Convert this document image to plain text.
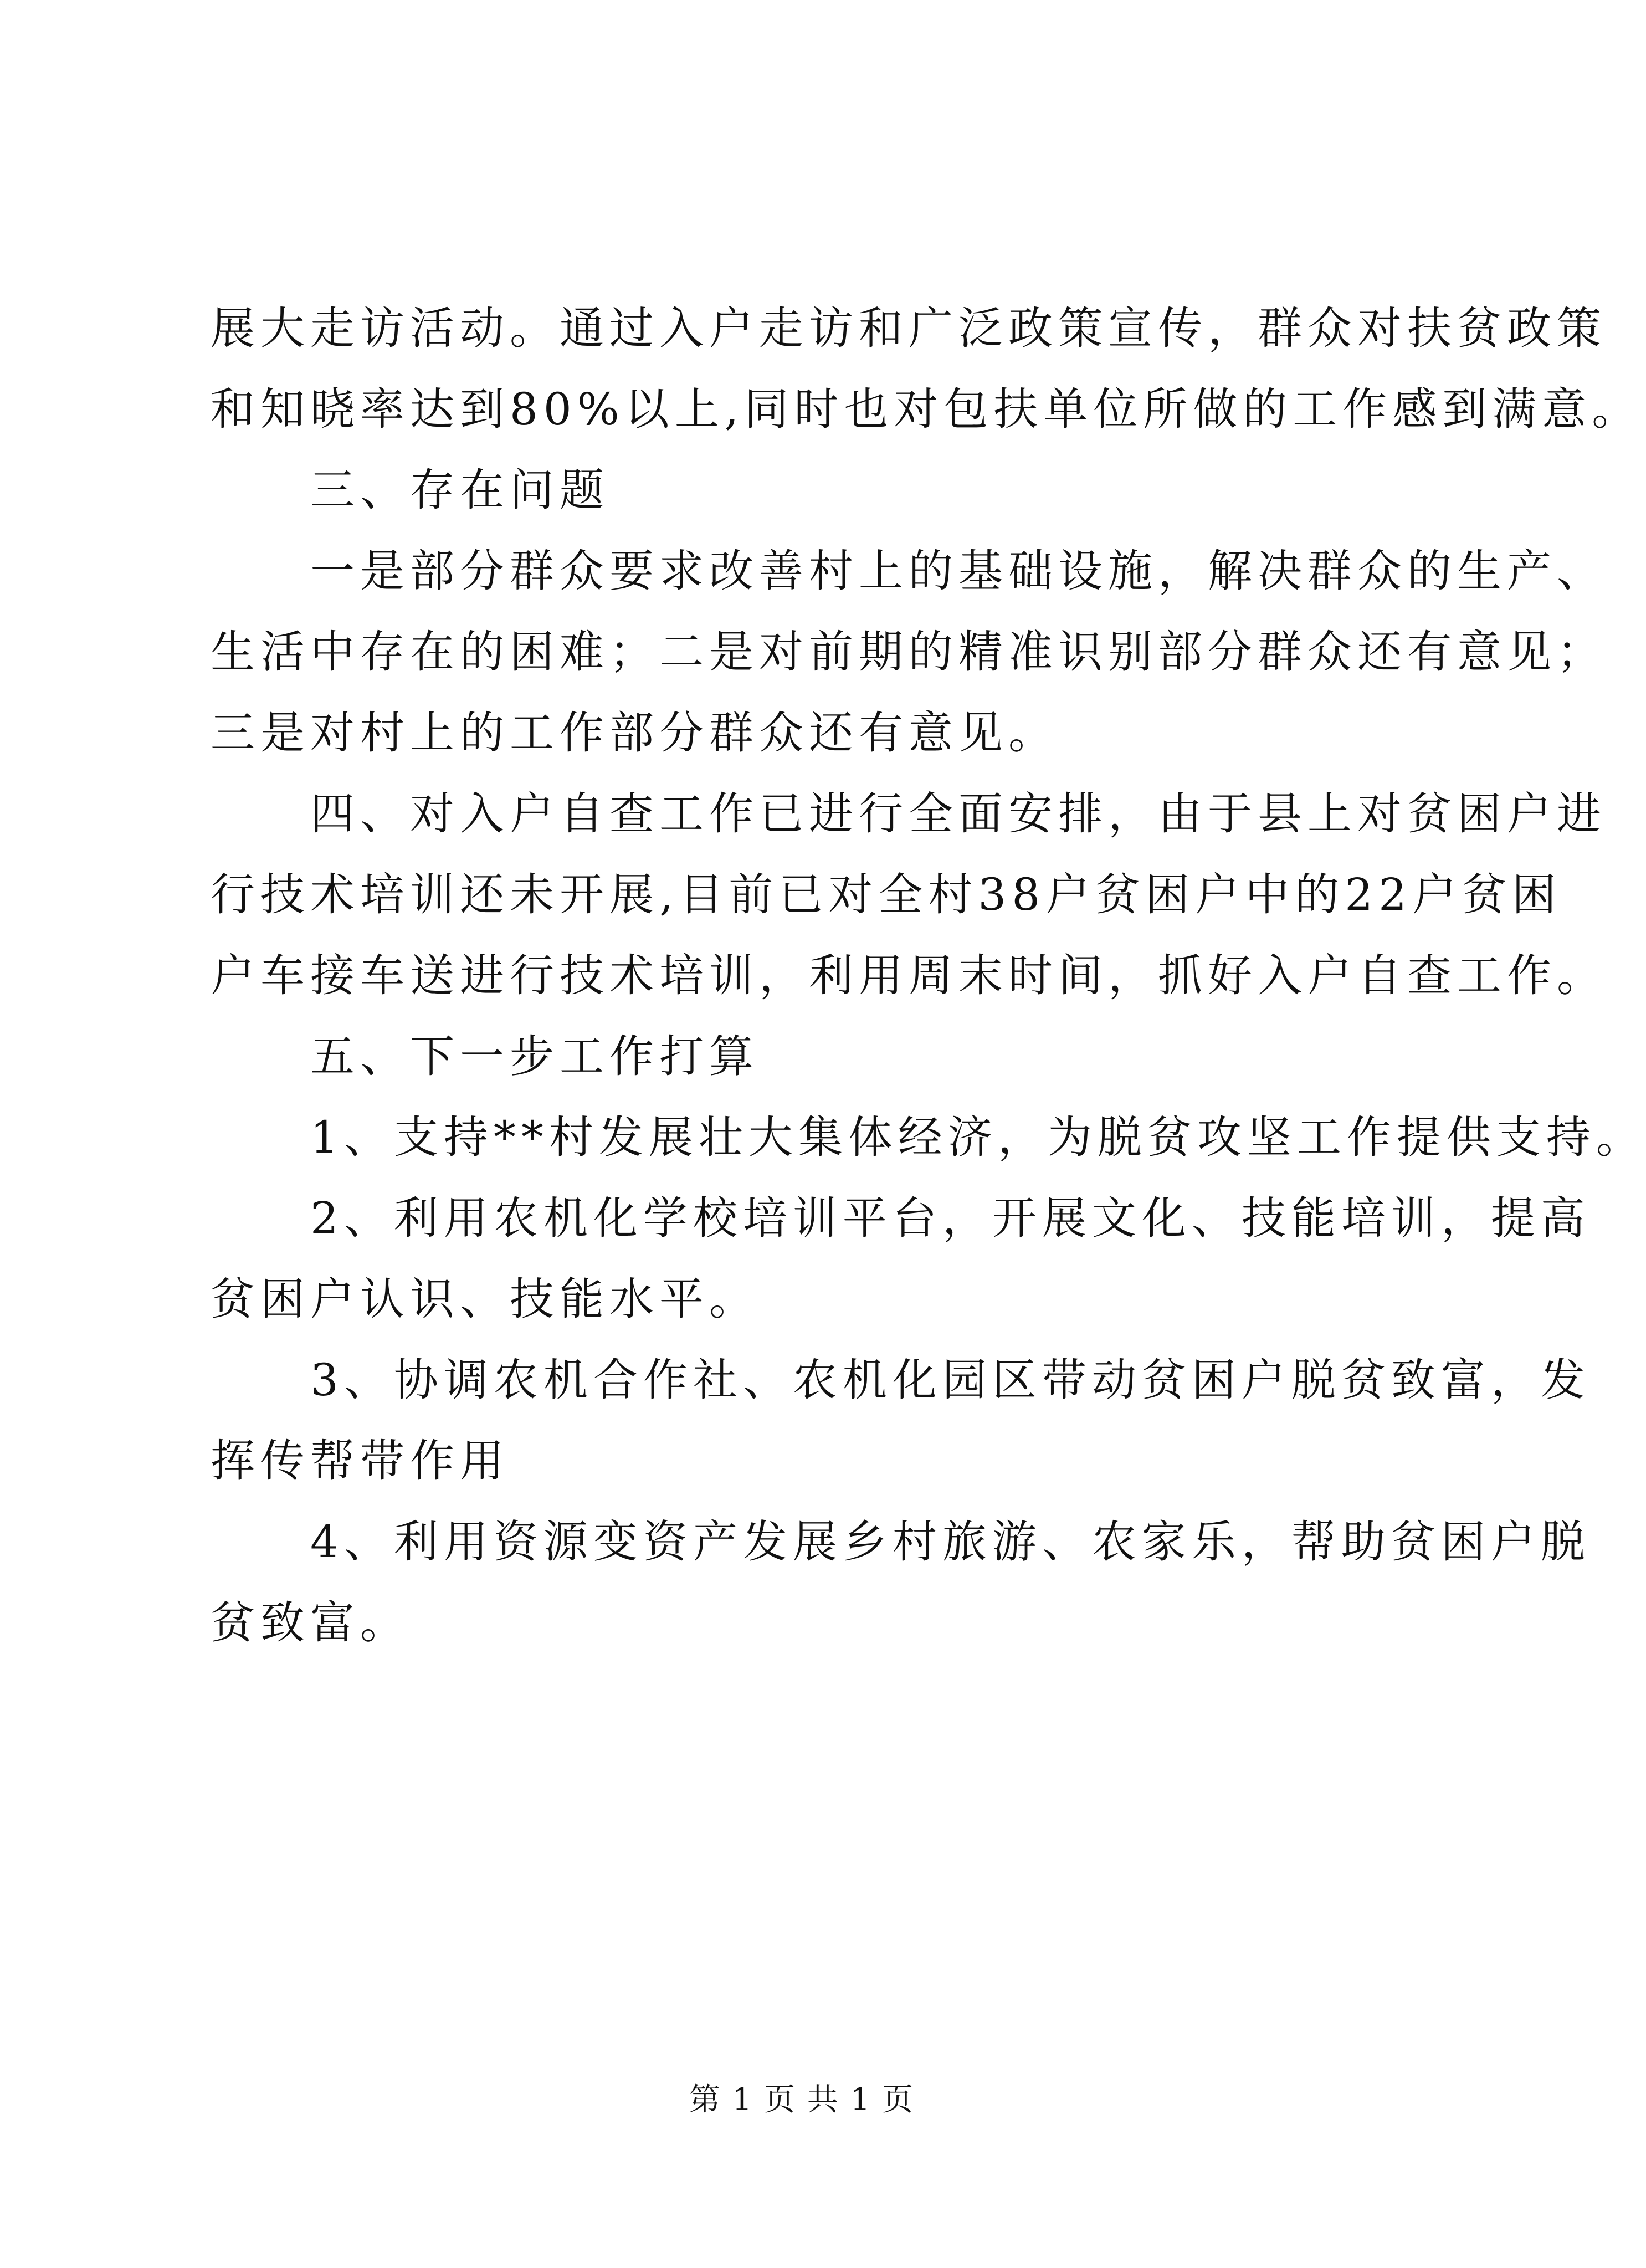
展大走访活动。通过入户走访和广泛政策宣传，群众对扶贫政策
和知晓率达到80%以上,同时也对包扶单位所做的工作感到满意。
三、存在问题
一是部分群众要求改善村上的基础设施，解决群众的生产、
生活中存在的困难；二是对前期的精准识别部分群众还有意见；
三是对村上的工作部分群众还有意见。
四、对入户自查工作已进行全面安排，由于县上对贫困户进
行技术培训还未开展,目前已对全村38户贫困户中的22户贫困
户车接车送进行技术培训，利用周末时间，抓好入户自查工作。
五、下一步工作打算
1、支持**村发展壮大集体经济，为脱贫攻坚工作提供支持。
2、利用农机化学校培训平台，开展文化、技能培训，提高
贫困户认识、技能水平。
3、协调农机合作社、农机化园区带动贫困户脱贫致富，发
挥传帮带作用
4、利用资源变资产发展乡村旅游、农家乐，帮助贫困户脱
贫致富。
第 1 页 共 1 页
